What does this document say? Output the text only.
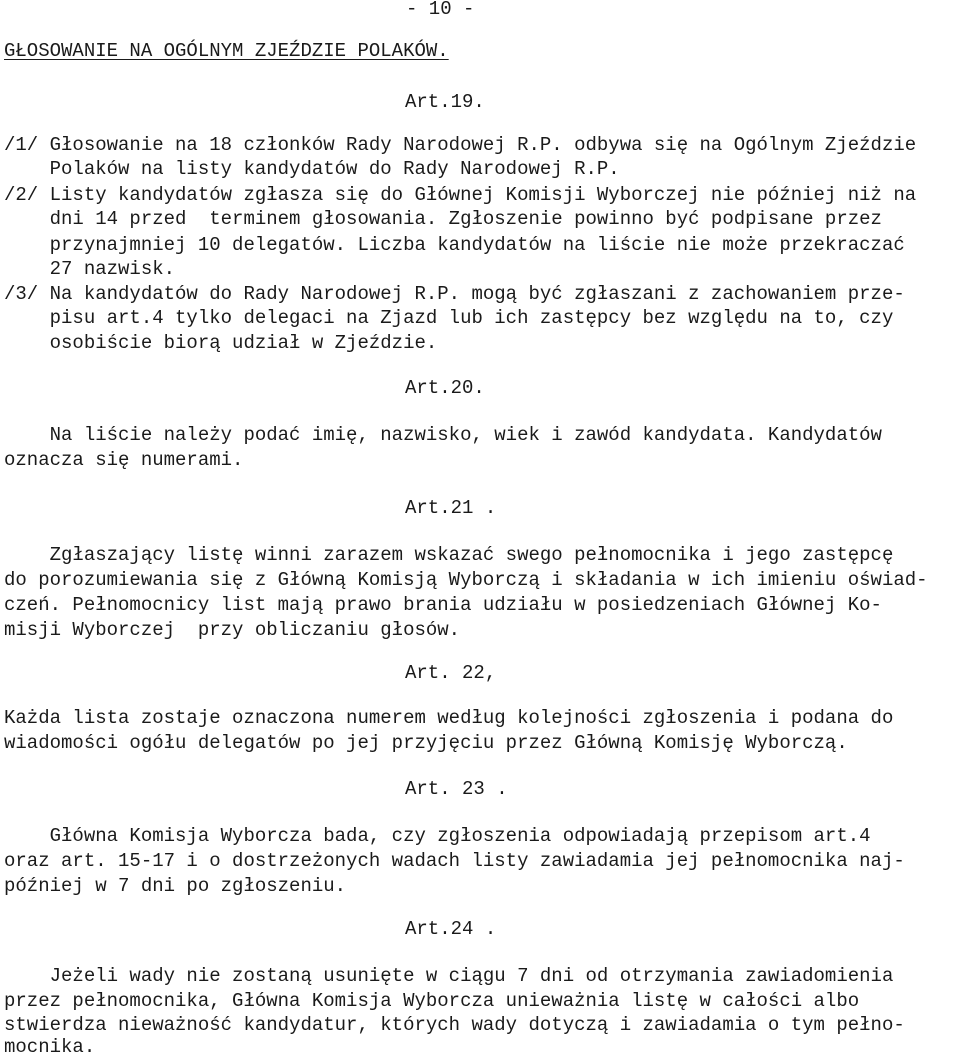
- 10 -
GŁOSOWANIE NA OGÓLNYM ZJEŹDZIE POLAKÓW.
Art.19.
/1/ Głosowanie na 18 członków Rady Narodowej R.P. odbywa się na Ogólnym Zjeździe
Polaków na listy kandydatów do Rady Narodowej R.P.
/2/ Listy kandydatów zgłasza się do Głównej Komisji Wyborczej nie później niż na
dni 14 przed  terminem głosowania. Zgłoszenie powinno być podpisane przez
przynajmniej 10 delegatów. Liczba kandydatów na liście nie może przekraczać
27 nazwisk.
/3/ Na kandydatów do Rady Narodowej R.P. mogą być zgłaszani z zachowaniem prze-
pisu art.4 tylko delegaci na Zjazd lub ich zastępcy bez względu na to, czy
osobiście biorą udział w Zjeździe.
Art.20.
Na liście należy podać imię, nazwisko, wiek i zawód kandydata. Kandydatów
oznacza się numerami.
Art.21 .
Zgłaszający listę winni zarazem wskazać swego pełnomocnika i jego zastępcę
do porozumiewania się z Główną Komisją Wyborczą i składania w ich imieniu oświad-
czeń. Pełnomocnicy list mają prawo brania udziału w posiedzeniach Głównej Ko-
misji Wyborczej  przy obliczaniu głosów.
Art. 22,
Każda lista zostaje oznaczona numerem według kolejności zgłoszenia i podana do
wiadomości ogółu delegatów po jej przyjęciu przez Główną Komisję Wyborczą.
Art. 23 .
Główna Komisja Wyborcza bada, czy zgłoszenia odpowiadają przepisom art.4
oraz art. 15-17 i o dostrzeżonych wadach listy zawiadamia jej pełnomocnika naj-
później w 7 dni po zgłoszeniu.
Art.24 .
Jeżeli wady nie zostaną usunięte w ciągu 7 dni od otrzymania zawiadomienia
przez pełnomocnika, Główna Komisja Wyborcza unieważnia listę w całości albo
stwierdza nieważność kandydatur, których wady dotyczą i zawiadamia o tym pełno-
mocnika.
